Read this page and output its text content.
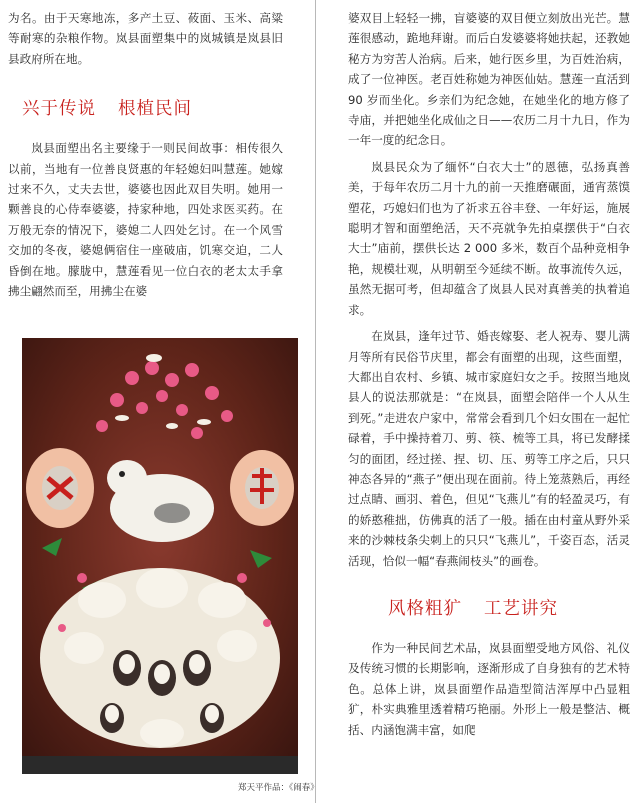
为名。由于天寒地冻，多产土豆、莜面、玉米、高粱等耐寒的杂粮作物。岚县面塑集中的岚城镇是岚县旧县政府所在地。

兴于传说 根植民间

岚县面塑出名主要缘于一则民间故事：相传很久以前，当地有一位善良贤惠的年轻媳妇叫慧莲。她嫁过来不久，丈夫去世，婆婆也因此双目失明。她用一颗善良的心侍奉婆婆，持家种地，四处求医买药。在万般无奈的情况下，婆媳二人四处乞讨。在一个风雪交加的冬夜，婆媳俩宿住一座破庙，饥寒交迫，二人昏倒在地。朦胧中，慧莲看见一位白衣的老太太手拿拂尘翩然而至，用拂尘在婆

郑天平作品：《闹春》

婆双目上轻轻一拂，盲婆婆的双目便立刻放出光芒。慧莲很感动，跪地拜谢。而后白发婆婆将她扶起，还教她秘方为穷苦人治病。后来，她行医乡里，为百姓治病，成了一位神医。老百姓称她为神医仙姑。慧莲一直活到 90 岁而坐化。乡亲们为纪念她，在她坐化的地方修了寺庙，并把她坐化成仙之日——农历二月十九日，作为一年一度的纪念日。

岚县民众为了缅怀“白衣大士”的恩德，弘扬真善美，于每年农历二月十九的前一天推磨碾面，通宵蒸馍塑花，巧媳妇们也为了祈求五谷丰登、一年好运，施展聪明才智和面塑绝活，天不亮就争先拍桌摆供于“白衣大士”庙前，摆供长达 2 000 多米，数百个品种竞相争艳，规模壮观，从明朝至今延续不断。故事流传久远，虽然无据可考，但却蕴含了岚县人民对真善美的执着追求。

在岚县，逢年过节、婚丧嫁娶、老人祝寿、婴儿满月等所有民俗节庆里，都会有面塑的出现，这些面塑，大都出自农村、乡镇、城市家庭妇女之手。按照当地岚县人的说法那就是：“在岚县，面塑会陪伴一个人从生到死。”走进农户家中，常常会看到几个妇女围在一起忙碌着，手中操持着刀、剪、筷、梳等工具，将已发酵揉匀的面团，经过搓、捏、切、压、剪等工序之后，只只神态各异的“燕子”便出现在面前。待上笼蒸熟后，再经过点睛、画羽、着色，但见“飞燕儿”有的轻盈灵巧，有的娇憨稚拙，仿佛真的活了一般。插在由村童从野外采来的沙棘枝条尖刺上的只只“飞燕儿”，千姿百态，活灵活现，恰似一幅“春燕闹枝头”的画卷。

风格粗犷 工艺讲究

作为一种民间艺术品，岚县面塑受地方风俗、礼仪及传统习惯的长期影响，逐渐形成了自身独有的艺术特色。总体上讲，岚县面塑作品造型简洁浑厚中凸显粗犷，朴实典雅里透着精巧艳丽。外形上一般是整洁、概括、内涵饱满丰富，如爬
